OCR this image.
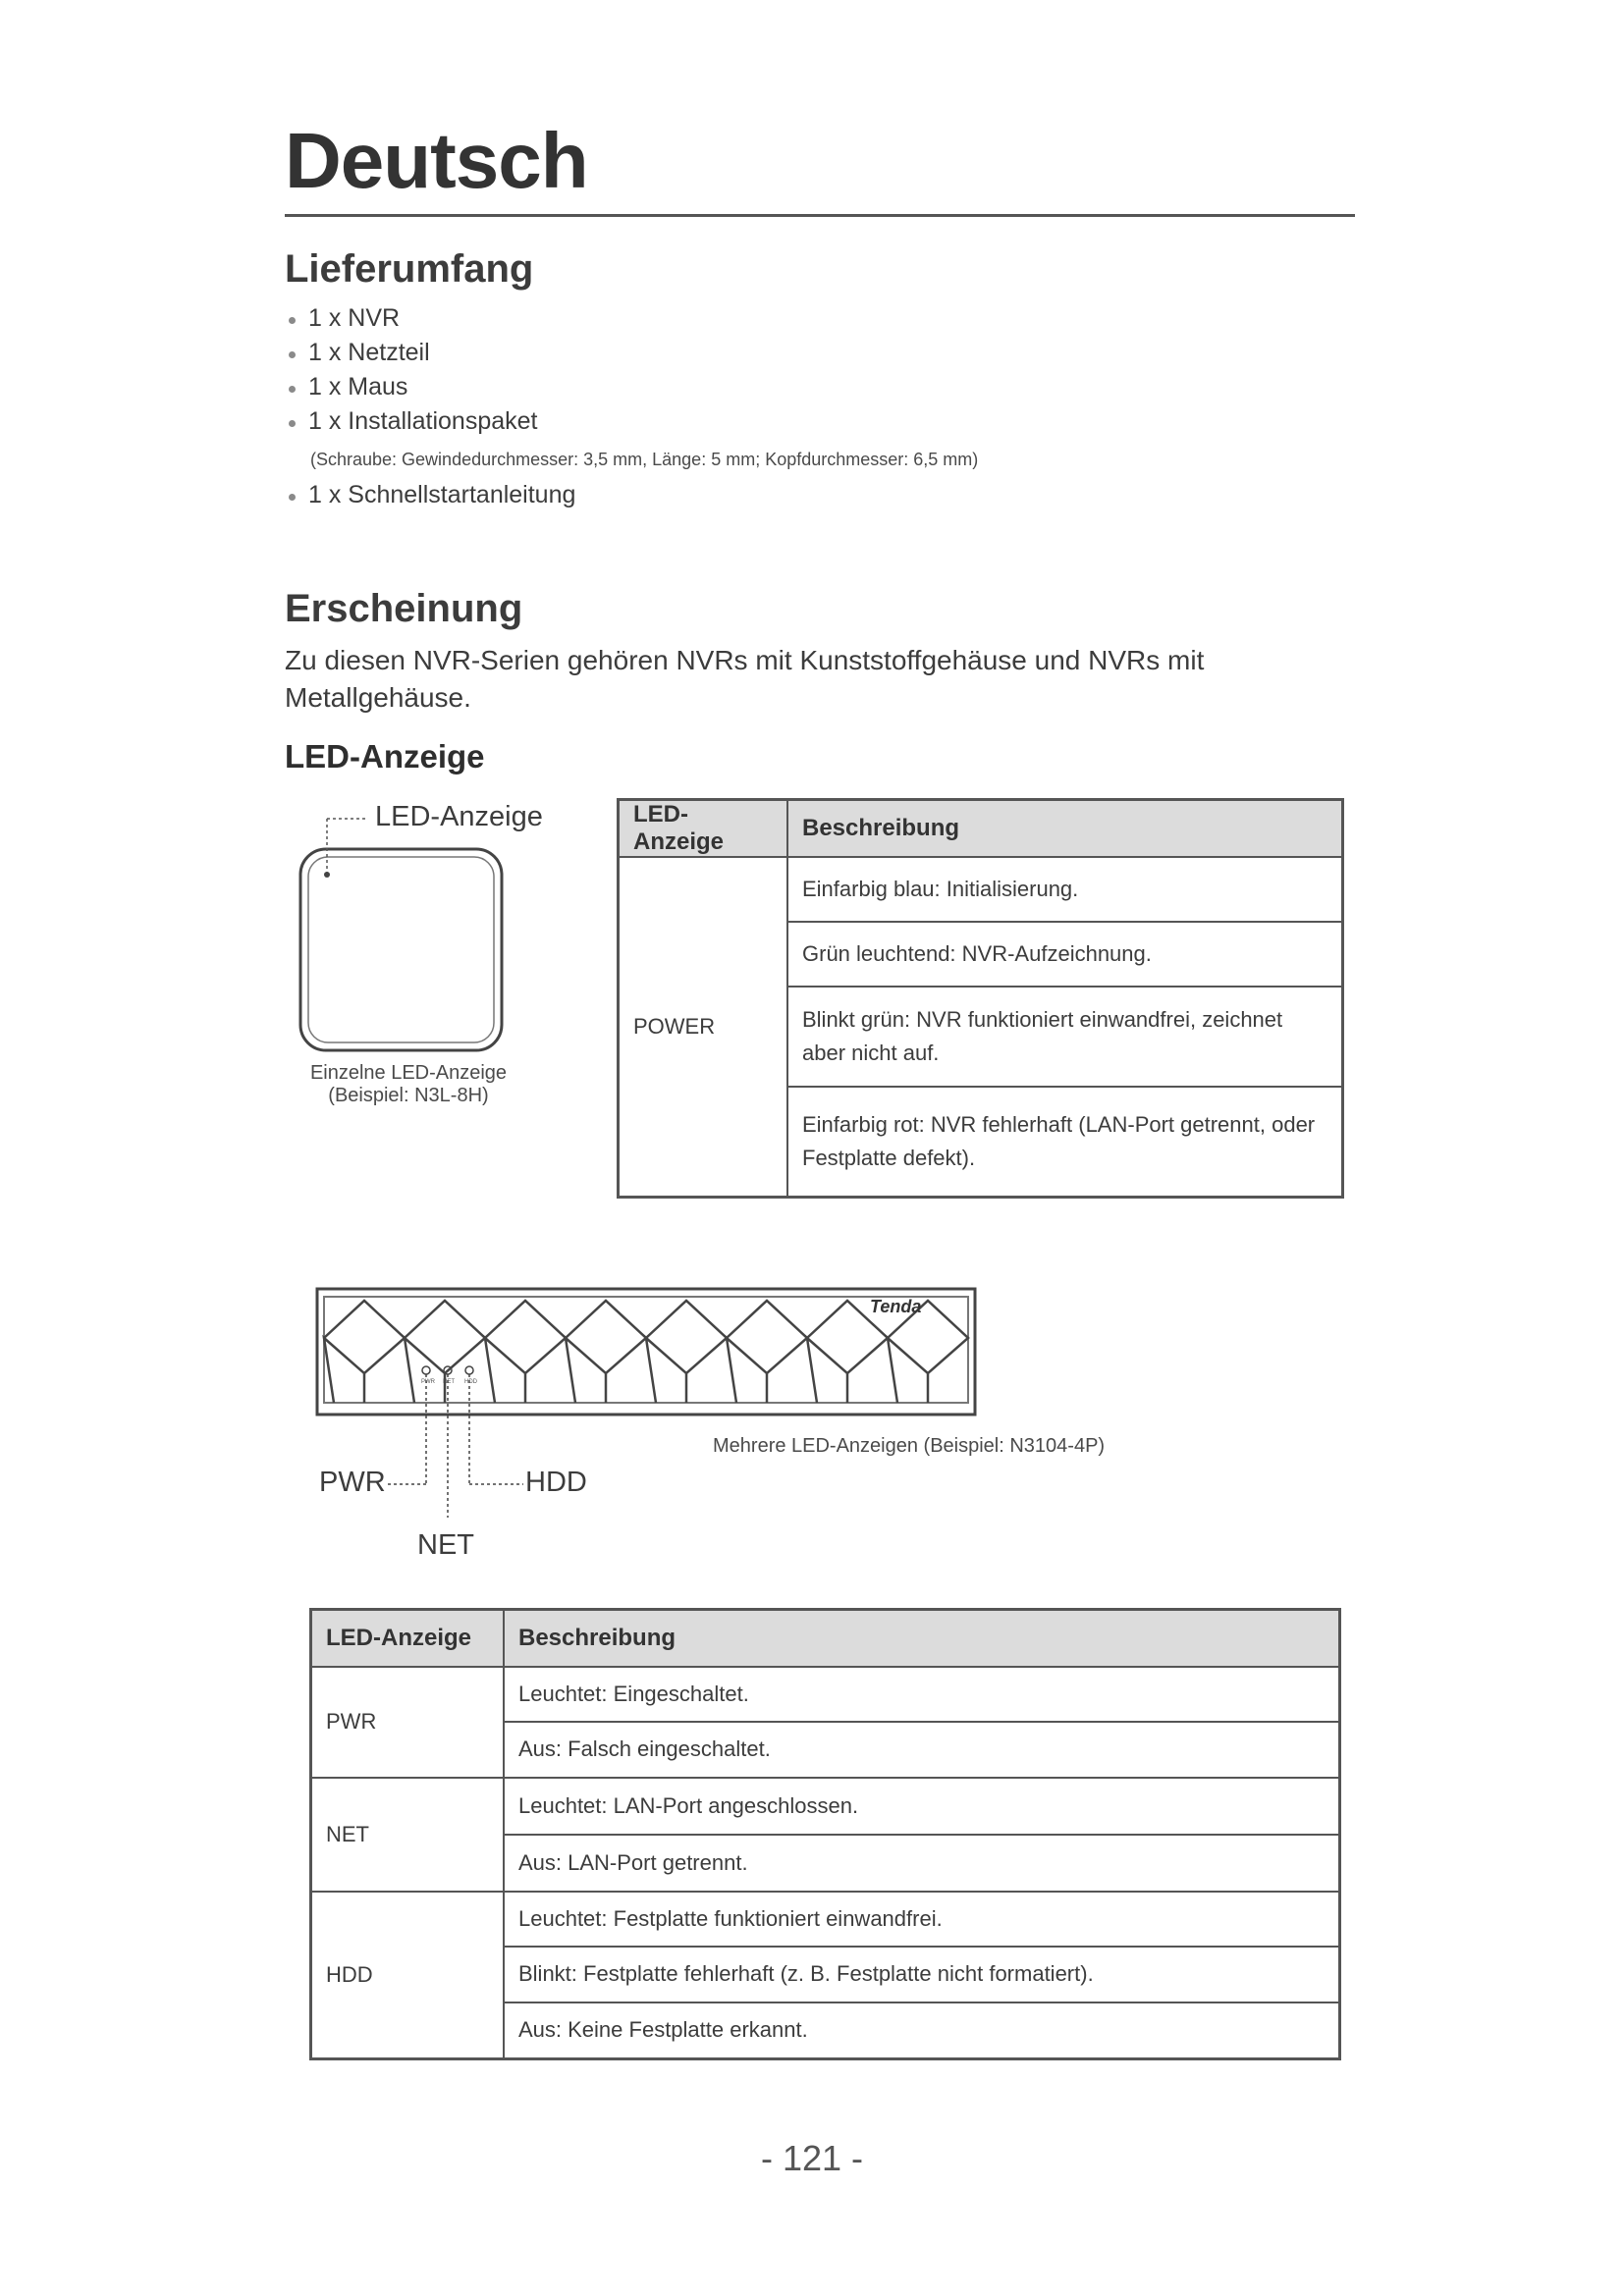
Deutsch
Lieferumfang
1 x NVR
1 x Netzteil
1 x Maus
1 x Installationspaket
(Schraube: Gewindedurchmesser: 3,5 mm, Länge: 5 mm; Kopfdurchmesser: 6,5 mm)
1 x Schnellstartanleitung
Erscheinung
Zu diesen NVR-Serien gehören NVRs mit Kunststoffgehäuse und NVRs mit Metallgehäuse.
LED-Anzeige
LED-Anzeige
Einzelne LED-Anzeige
(Beispiel: N3L-8H)
LED-Anzeige	Beschreibung
POWER	Einfarbig blau: Initialisierung.
	Grün leuchtend: NVR-Aufzeichnung.
	Blinkt grün: NVR funktioniert einwandfrei, zeichnet aber nicht auf.
	Einfarbig rot: NVR fehlerhaft (LAN-Port getrennt, oder Festplatte defekt).
Tenda
PWR NET HDD
PWR	HDD
NET
Mehrere LED-Anzeigen (Beispiel: N3104-4P)
LED-Anzeige	Beschreibung
PWR	Leuchtet: Eingeschaltet.
	Aus: Falsch eingeschaltet.
NET	Leuchtet: LAN-Port angeschlossen.
	Aus: LAN-Port getrennt.
HDD	Leuchtet: Festplatte funktioniert einwandfrei.
	Blinkt: Festplatte fehlerhaft (z. B. Festplatte nicht formatiert).
	Aus: Keine Festplatte erkannt.
- 121 -
